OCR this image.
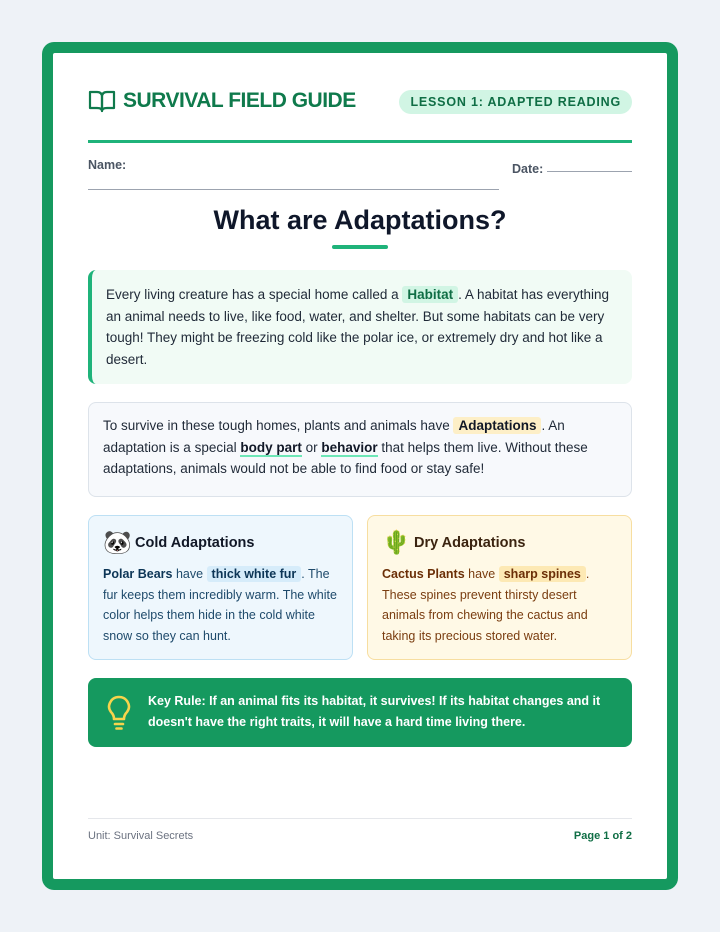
SURVIVAL FIELD GUIDE	LESSON 1: ADAPTED READING
Name:	Date:
What are Adaptations?
Every living creature has a special home called a Habitat . A habitat has everything an animal needs to live, like food, water, and shelter. But some habitats can be very tough! They might be freezing cold like the polar ice, or extremely dry and hot like a desert.
To survive in these tough homes, plants and animals have Adaptations . An adaptation is a special body part or behavior that helps them live. Without these adaptations, animals would not be able to find food or stay safe!
🐼 Cold Adaptations
Polar Bears have thick white fur . The fur keeps them incredibly warm. The white color helps them hide in the cold white snow so they can hunt.
🌵 Dry Adaptations
Cactus Plants have sharp spines . These spines prevent thirsty desert animals from chewing the cactus and taking its precious stored water.
Key Rule: If an animal fits its habitat, it survives! If its habitat changes and it doesn't have the right traits, it will have a hard time living there.
Unit: Survival Secrets	Page 1 of 2
